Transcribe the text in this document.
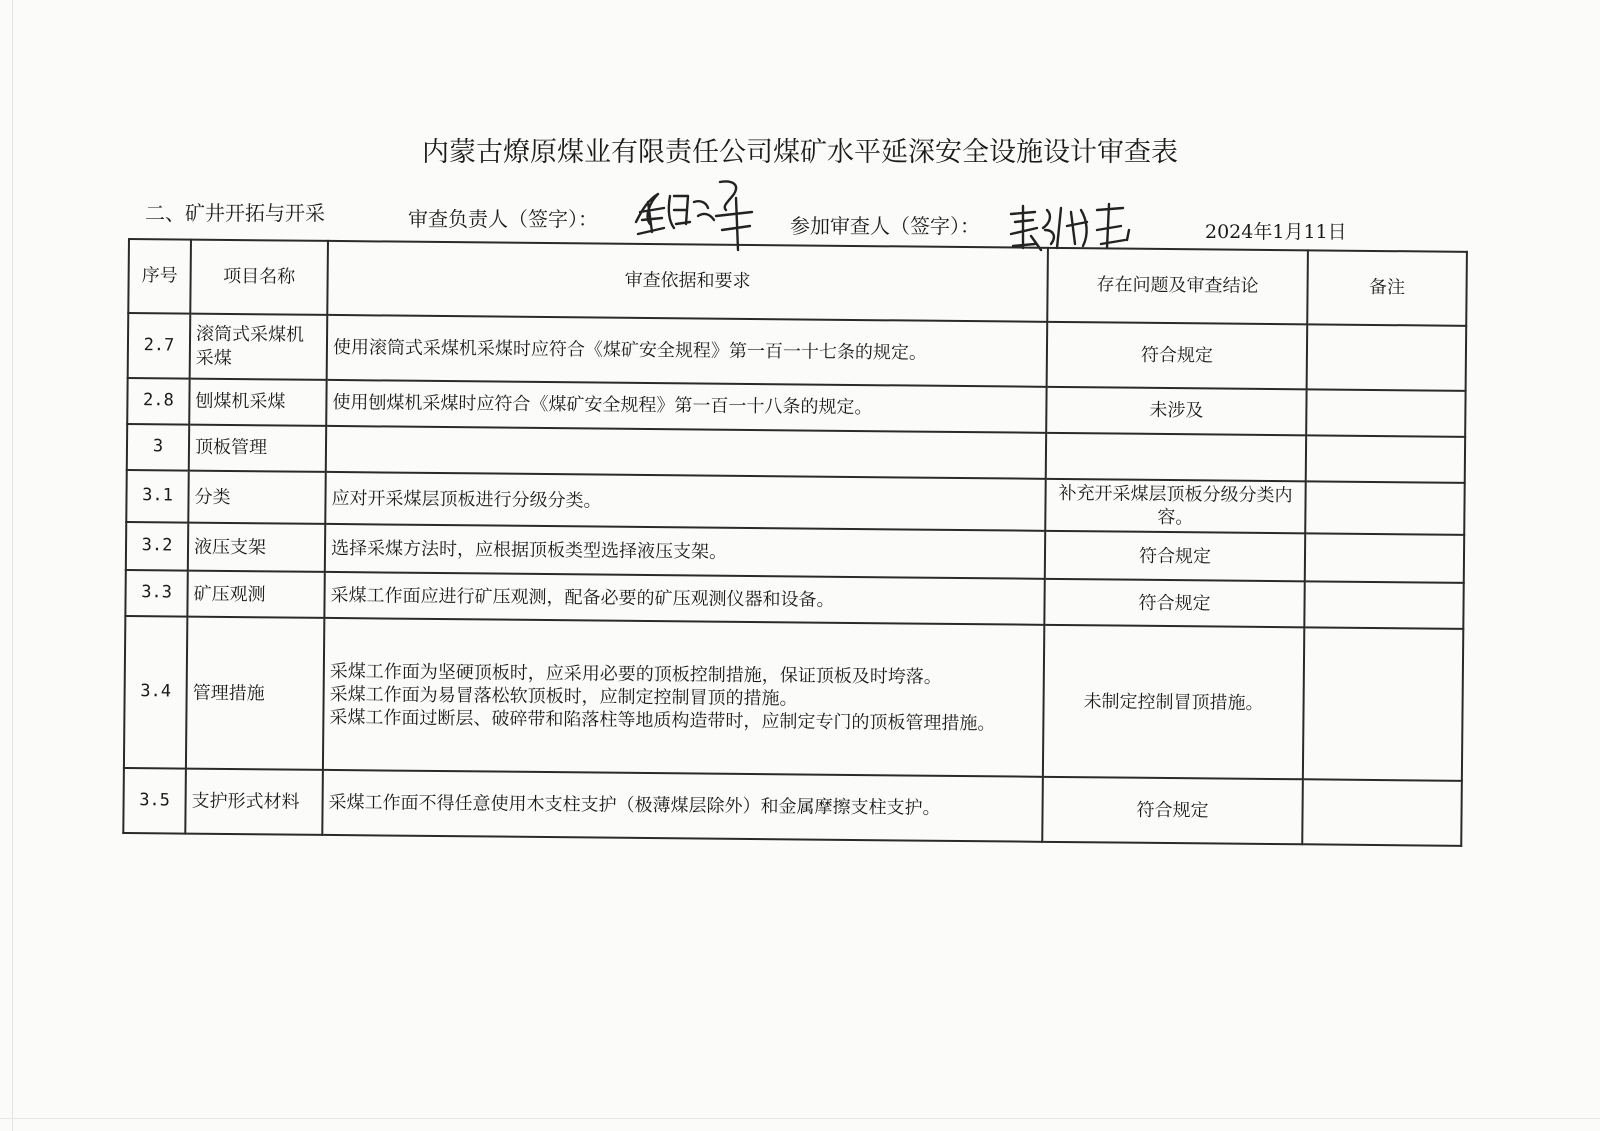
内蒙古燎原煤业有限责任公司煤矿水平延深安全设施设计审查表
二、矿井开拓与开采	审查负责人（签字）：	参加审查人（签字）：	2024年1月11日
序号	项目名称	审查依据和要求	存在问题及审查结论	备注
2.7	滚筒式采煤机采煤	使用滚筒式采煤机采煤时应符合《煤矿安全规程》第一百一十七条的规定。	符合规定	
2.8	刨煤机采煤	使用刨煤机采煤时应符合《煤矿安全规程》第一百一十八条的规定。	未涉及	
3	顶板管理	

3.1	分类	应对开采煤层顶板进行分级分类。	补充开采煤层顶板分级分类内容。	
3.2	液压支架	选择采煤方法时，应根据顶板类型选择液压支架。	符合规定	
3.3	矿压观测	采煤工作面应进行矿压观测，配备必要的矿压观测仪器和设备。	符合规定	
3.4	管理措施	采煤工作面为坚硬顶板时，应采用必要的顶板控制措施，保证顶板及时垮落。
采煤工作面为易冒落松软顶板时，应制定控制冒顶的措施。
采煤工作面过断层、破碎带和陷落柱等地质构造带时，应制定专门的顶板管理措施。	未制定控制冒顶措施。	
3.5	支护形式材料	采煤工作面不得任意使用木支柱支护（极薄煤层除外）和金属摩擦支柱支护。	符合规定	
